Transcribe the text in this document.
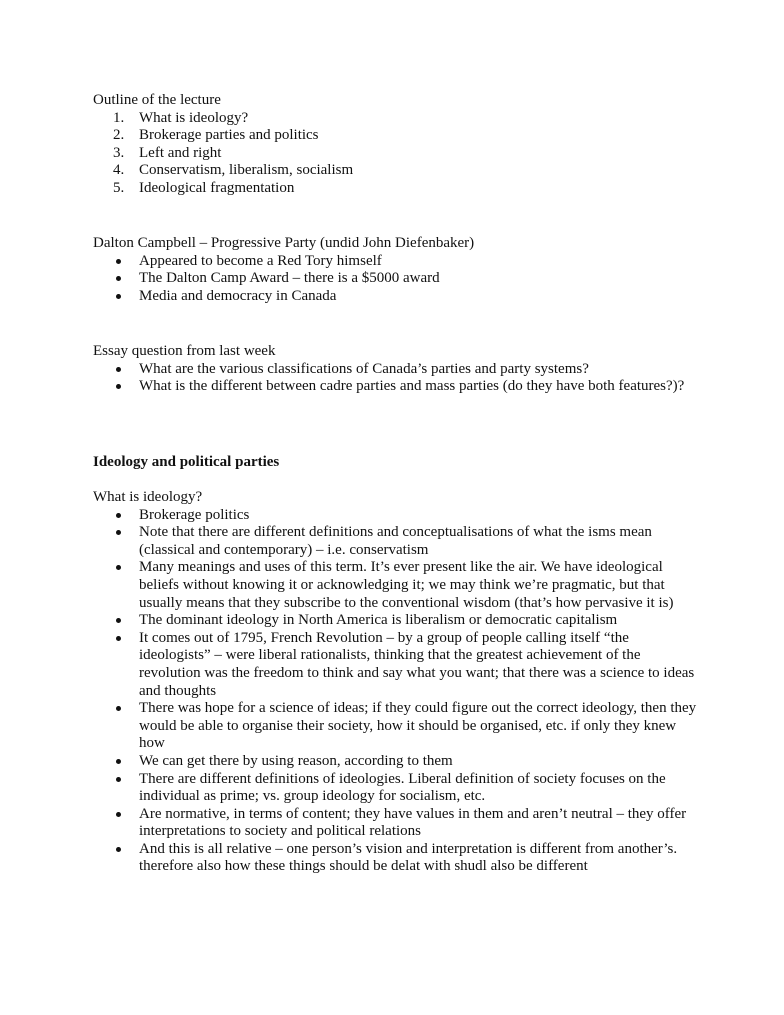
Outline of the lecture

1. What is ideology?
2. Brokerage parties and politics
3. Left and right
4. Conservatism, liberalism, socialism
5. Ideological fragmentation

Dalton Campbell – Progressive Party (undid John Diefenbaker)

Appeared to become a Red Tory himself
The Dalton Camp Award – there is a $5000 award
Media and democracy in Canada

Essay question from last week

What are the various classifications of Canada’s parties and party systems?
What is the different between cadre parties and mass parties (do they have both features?)?

Ideology and political parties

What is ideology?

Brokerage politics
Note that there are different definitions and conceptualisations of what the isms mean (classical and contemporary) – i.e. conservatism
Many meanings and uses of this term. It’s ever present like the air. We have ideological beliefs without knowing it or acknowledging it; we may think we’re pragmatic, but that usually means that they subscribe to the conventional wisdom (that’s how pervasive it is)
The dominant ideology in North America is liberalism or democratic capitalism
It comes out of 1795, French Revolution – by a group of people calling itself “the ideologists” – were liberal rationalists, thinking that the greatest achievement of the revolution was the freedom to think and say what you want; that there was a science to ideas and thoughts
There was hope for a science of ideas; if they could figure out the correct ideology, then they would be able to organise their society, how it should be organised, etc. if only they knew how
We can get there by using reason, according to them
There are different definitions of ideologies. Liberal definition of society focuses on the individual as prime; vs. group ideology for socialism, etc.
Are normative, in terms of content; they have values in them and aren’t neutral – they offer interpretations to society and political relations
And this is all relative – one person’s vision and interpretation is different from another’s. therefore also how these things should be delat with shudl also be different
